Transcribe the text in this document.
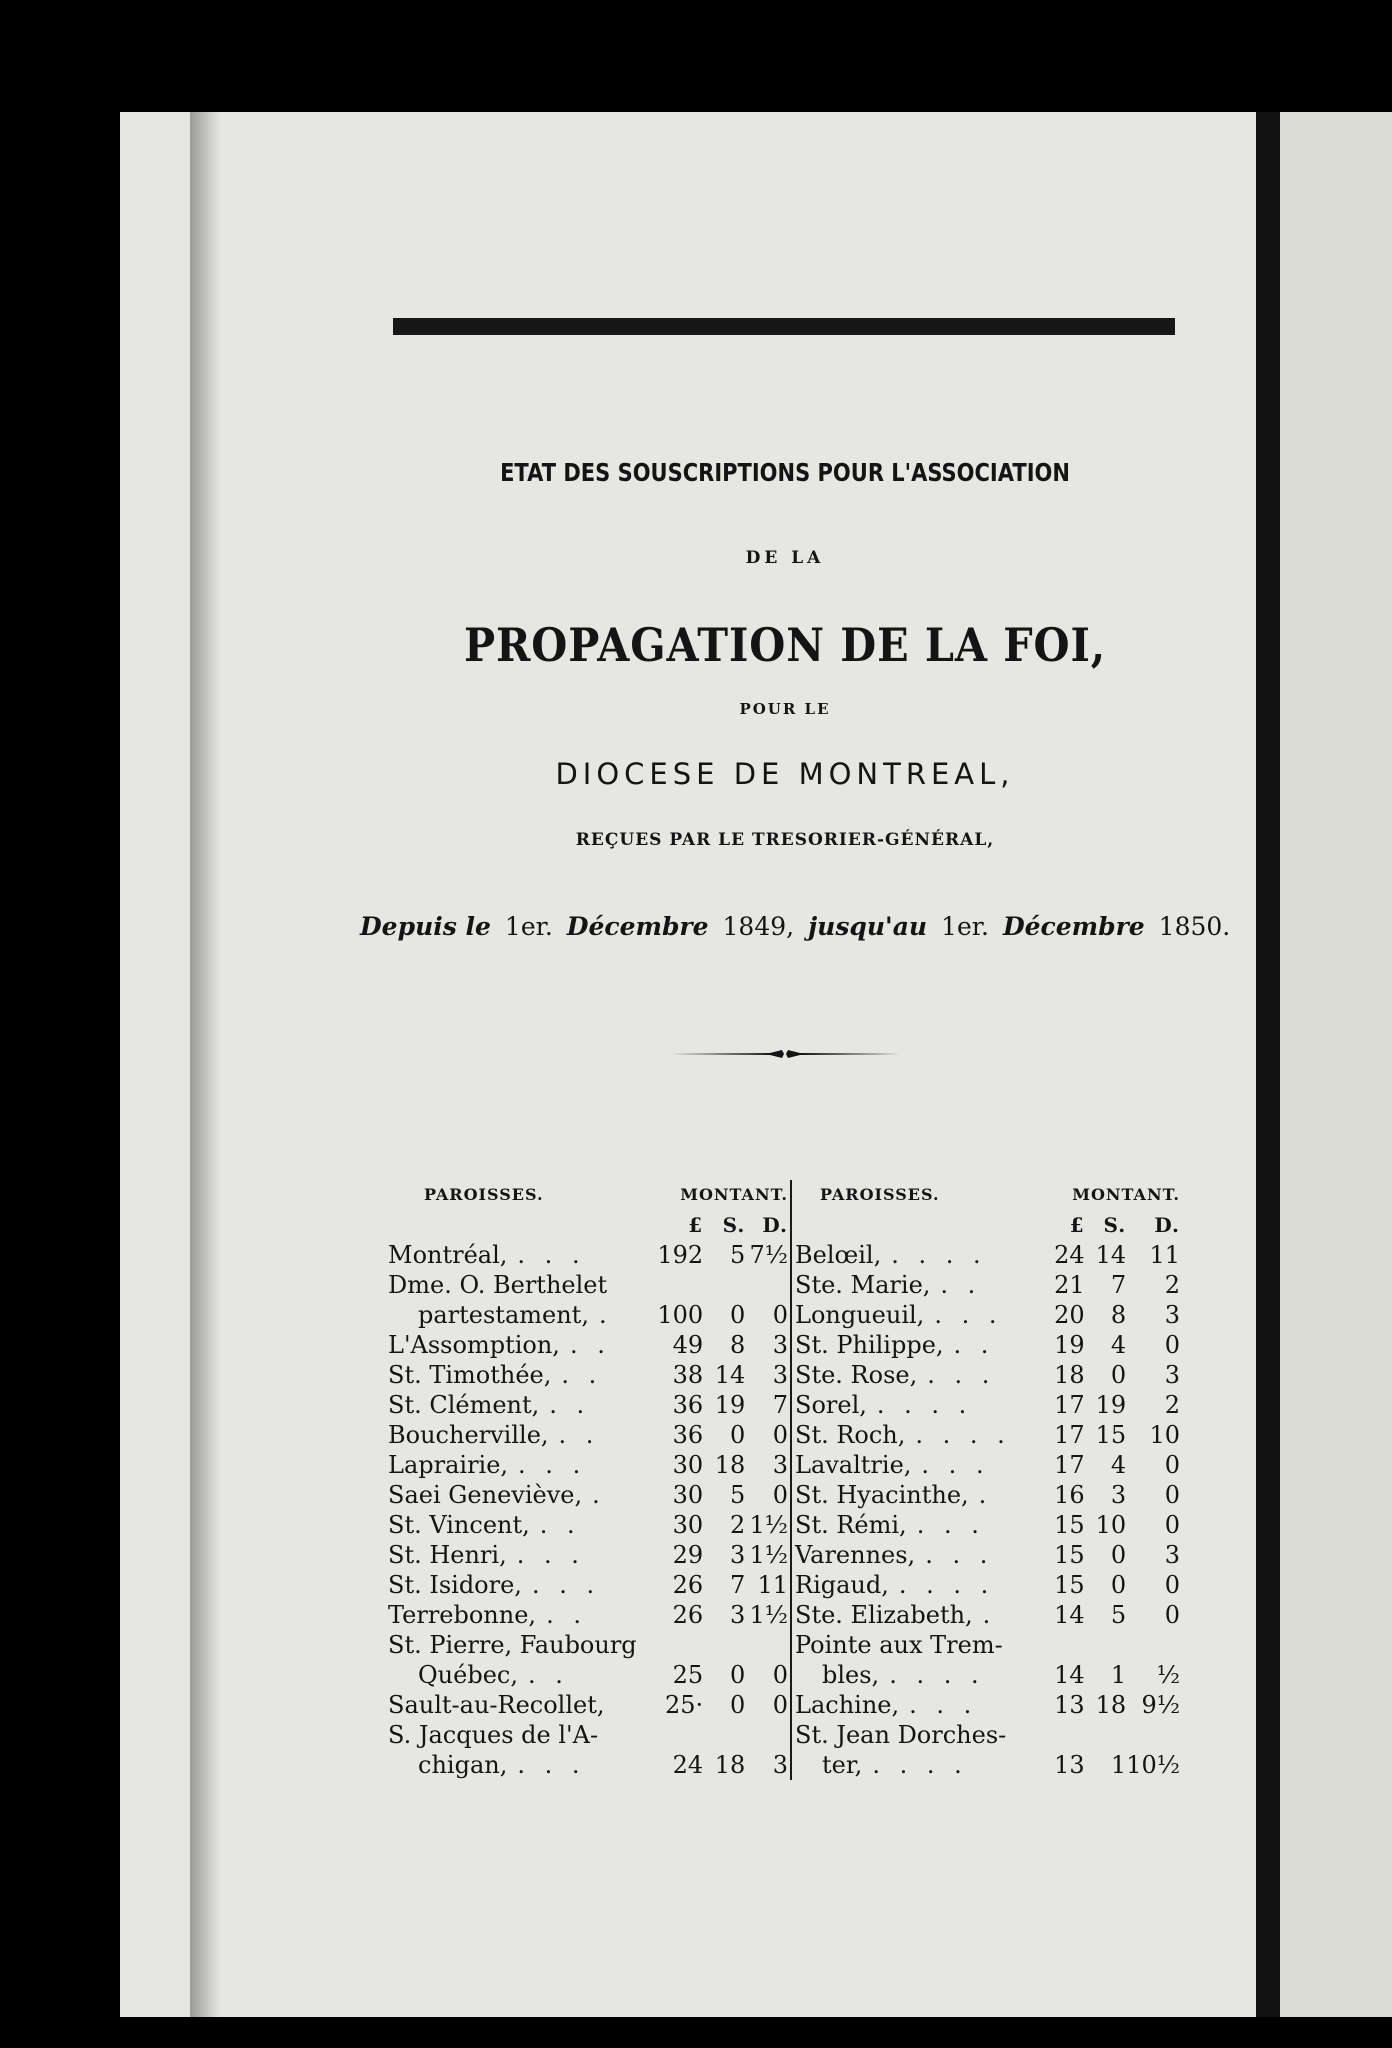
ETAT DES SOUSCRIPTIONS POUR L'ASSOCIATION
DE LA
PROPAGATION DE LA FOI,
POUR LE
DIOCESE DE MONTREAL,
REÇUES PAR LE TRESORIER-GÉNÉRAL,
Depuis le 1er. Décembre 1849, jusqu'au 1er. Décembre 1850.
PAROISSES.	MONTANT.		
	£	S.	D.
Montréal, . . .	192	5	7½
Dme. O. Berthelet			
partestament, .	100	0	0
L'Assomption, . .	49	8	3
St. Timothée, . .	38	14	3
St. Clément, . .	36	19	7
Boucherville, . .	36	0	0
Laprairie, . . .	30	18	3
Saei Geneviève, .	30	5	0
St. Vincent, . .	30	2	1½
St. Henri, . . .	29	3	1½
St. Isidore, . . .	26	7	11
Terrebonne, . .	26	3	1½
St. Pierre, Faubourg			
Québec, . .	25	0	0
Sault-au-Recollet,	25·	0	0
S. Jacques de l'A-			
chigan, . . .	24	18	3
PAROISSES.	MONTANT.		
	£	S.	D.
Belœil, . . . .	24	14	11
Ste. Marie, . .	21	7	2
Longueuil, . . .	20	8	3
St. Philippe, . .	19	4	0
Ste. Rose, . . .	18	0	3
Sorel, . . . .	17	19	2
St. Roch, . . . .	17	15	10
Lavaltrie, . . .	17	4	0
St. Hyacinthe, .	16	3	0
St. Rémi, . . .	15	10	0
Varennes, . . .	15	0	3
Rigaud, . . . .	15	0	0
Ste. Elizabeth, .	14	5	0
Pointe aux Trem-			
bles, . . . .	14	1	½
Lachine, . . .	13	18	9½
St. Jean Dorches-			
ter, . . . .	13	1	10½
